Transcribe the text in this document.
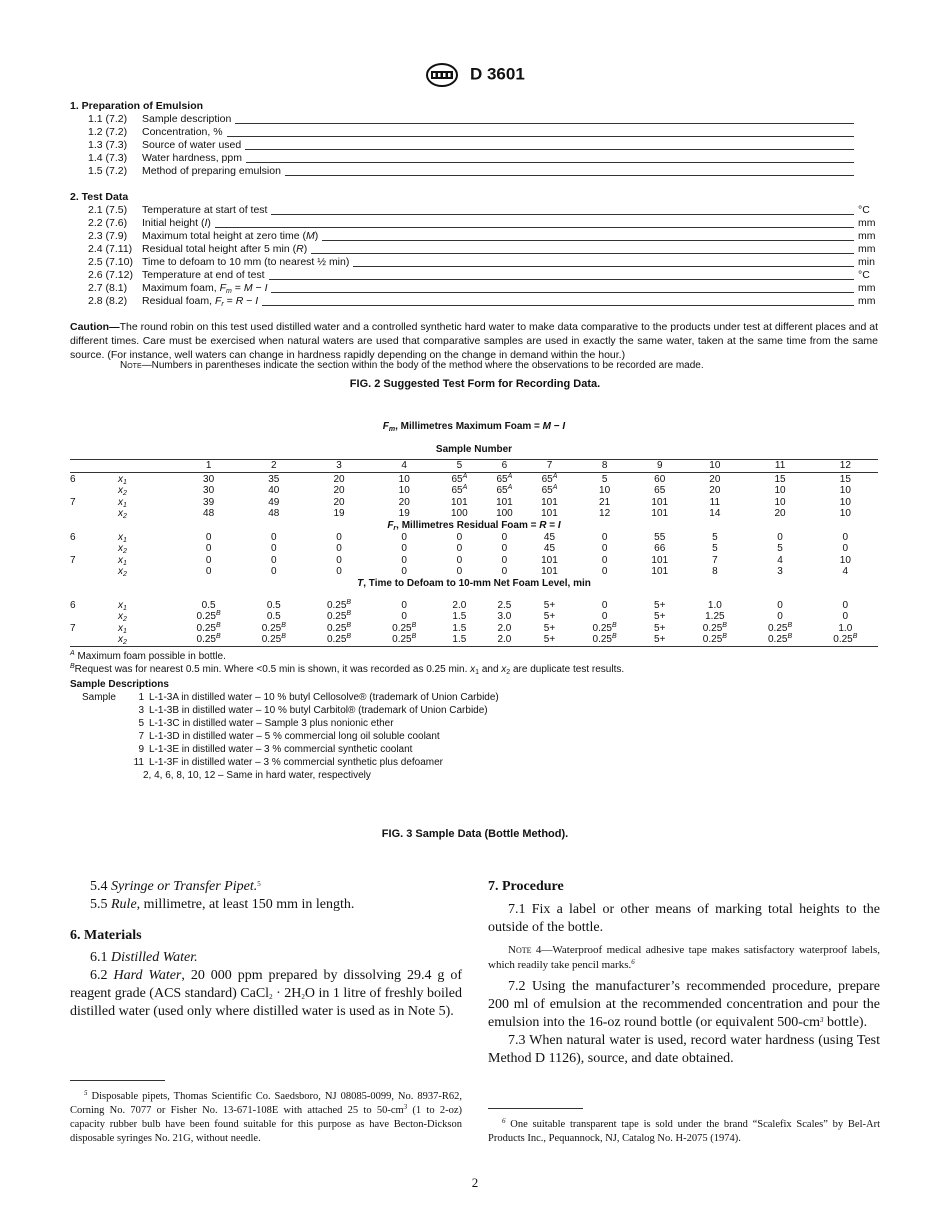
D 3601
1. Preparation of Emulsion
1.1 (7.2)	Sample description
1.2 (7.2)	Concentration, %
1.3 (7.3)	Source of water used
1.4 (7.3)	Water hardness, ppm
1.5 (7.2)	Method of preparing emulsion
2. Test Data
2.1 (7.5)	Temperature at start of test	°C
2.2 (7.6)	Initial height (I)	mm
2.3 (7.9)	Maximum total height at zero time (M)	mm
2.4 (7.11) Residual total height after 5 min (R)	mm
2.5 (7.10) Time to defoam to 10 mm (to nearest ½ min)	min
2.6 (7.12) Temperature at end of test	°C
2.7 (8.1)	Maximum foam, $F_m = M - I$	mm
2.8 (8.2)	Residual foam, $F_r = R - I$	mm
Caution—The round robin on this test used distilled water and a controlled synthetic hard water to make data comparative to the products under test at different places and at different times. Care must be exercised when natural waters are used that comparative samples are used in exactly the same water, taken at the same time from the same source. (For instance, well waters can change in hardness rapidly depending on the change in demand within the hour.)
Note—Numbers in parentheses indicate the section within the body of the method where the observations to be recorded are made.
FIG. 2 Suggested Test Form for Recording Data.
$F_m$, Millimetres Maximum Foam = M − I
Sample Number
		1	2	3	4	5	6	7	8	9	10	11	12

6	$x_1$	30	35	20	10	$65^A$	$65^A$	$65^A$	5	60	20	15	15
	$x_2$	30	40	20	10	$65^A$	$65^A$	$65^A$	10	65	20	10	10
7	$x_1$	39	49	20	20	101	101	101	21	101	11	10	10
	$x_2$	48	48	19	19	100	100	101	12	101	14	20	10
$F_r$, Millimetres Residual Foam = R = I													
6	$x_1$	0	0	0	0	0	0	45	0	55	5	0	0
	$x_2$	0	0	0	0	0	0	45	0	66	5	5	0
7	$x_1$	0	0	0	0	0	0	101	0	101	7	4	10
	$x_2$	0	0	0	0	0	0	101	0	101	8	3	4
T, Time to Defoam to 10-mm Net Foam Level, min													

6	$x_1$	0.5	0.5	$0.25^B$	0	2.0	2.5	5+	0	5+	1.0	0	0
	$x_2$	$0.25^B$	0.5	$0.25^B$	0	1.5	3.0	5+	0	5+	1.25	0	0
7	$x_1$	$0.25^B$	$0.25^B$	$0.25^B$	$0.25^B$	1.5	2.0	5+	$0.25^B$	5+	$0.25^B$	$0.25^B$	1.0
	$x_2$	$0.25^B$	$0.25^B$	$0.25^B$	$0.25^B$	1.5	2.0	5+	$0.25^B$	5+	$0.25^B$	$0.25^B$	$0.25^B$
$^A$ Maximum foam possible in bottle.
$^B$Request was for nearest 0.5 min. Where <0.5 min is shown, it was recorded as 0.25 min. $x_1$ and $x_2$ are duplicate test results.
Sample Descriptions
Sample	1 L-1-3A in distilled water – 10 % butyl Cellosolve® (trademark of Union Carbide)
3 L-1-3B in distilled water – 10 % butyl Carbitol® (trademark of Union Carbide)
5 L-1-3C in distilled water – Sample 3 plus nonionic ether
7 L-1-3D in distilled water – 5 % commercial long oil soluble coolant
9 L-1-3E in distilled water – 3 % commercial synthetic coolant
11 L-1-3F in distilled water – 3 % commercial synthetic plus defoamer
2, 4, 6, 8, 10, 12 – Same in hard water, respectively
FIG. 3 Sample Data (Bottle Method).

5.4 Syringe or Transfer Pipet.$^5$

5.5 Rule, millimetre, at least 150 mm in length.

6. Materials

6.1 Distilled Water.

6.2 Hard Water, 20 000 ppm prepared by dissolving 29.4 g of reagent grade (ACS standard) CaCl$_2$ · $2H_2O$ in 1 litre of freshly boiled distilled water (used only where distilled water is used as in Note 5).

$^5$ Disposable pipets, Thomas Scientific Co. Saedsboro, NJ 08085-0099, No. 8937-R62, Corning No. 7077 or Fisher No. 13-671-108E with attached 25 to $50-cm^3$ (1 to 2-oz) capacity rubber bulb have been found suitable for this purpose as have Becton-Dickson disposable syringes No. 21G, without needle.
7. Procedure

7.1 Fix a label or other means of marking total heights to the outside of the bottle.

Note 4—Waterproof medical adhesive tape makes satisfactory waterproof labels, which readily take pencil marks.$^6$

7.2 Using the manufacturer’s recommended procedure, prepare 200 ml of emulsion at the recommended concentration and pour the emulsion into the 16-oz round bottle (or equivalent $500-cm^3$ bottle).

7.3 When natural water is used, record water hardness (using Test Method D 1126), source, and date obtained.

$^6$ One suitable transparent tape is sold under the brand “Scalefix Scales” by Bel-Art Products Inc., Pequannock, NJ, Catalog No. H-2075 (1974).
2
